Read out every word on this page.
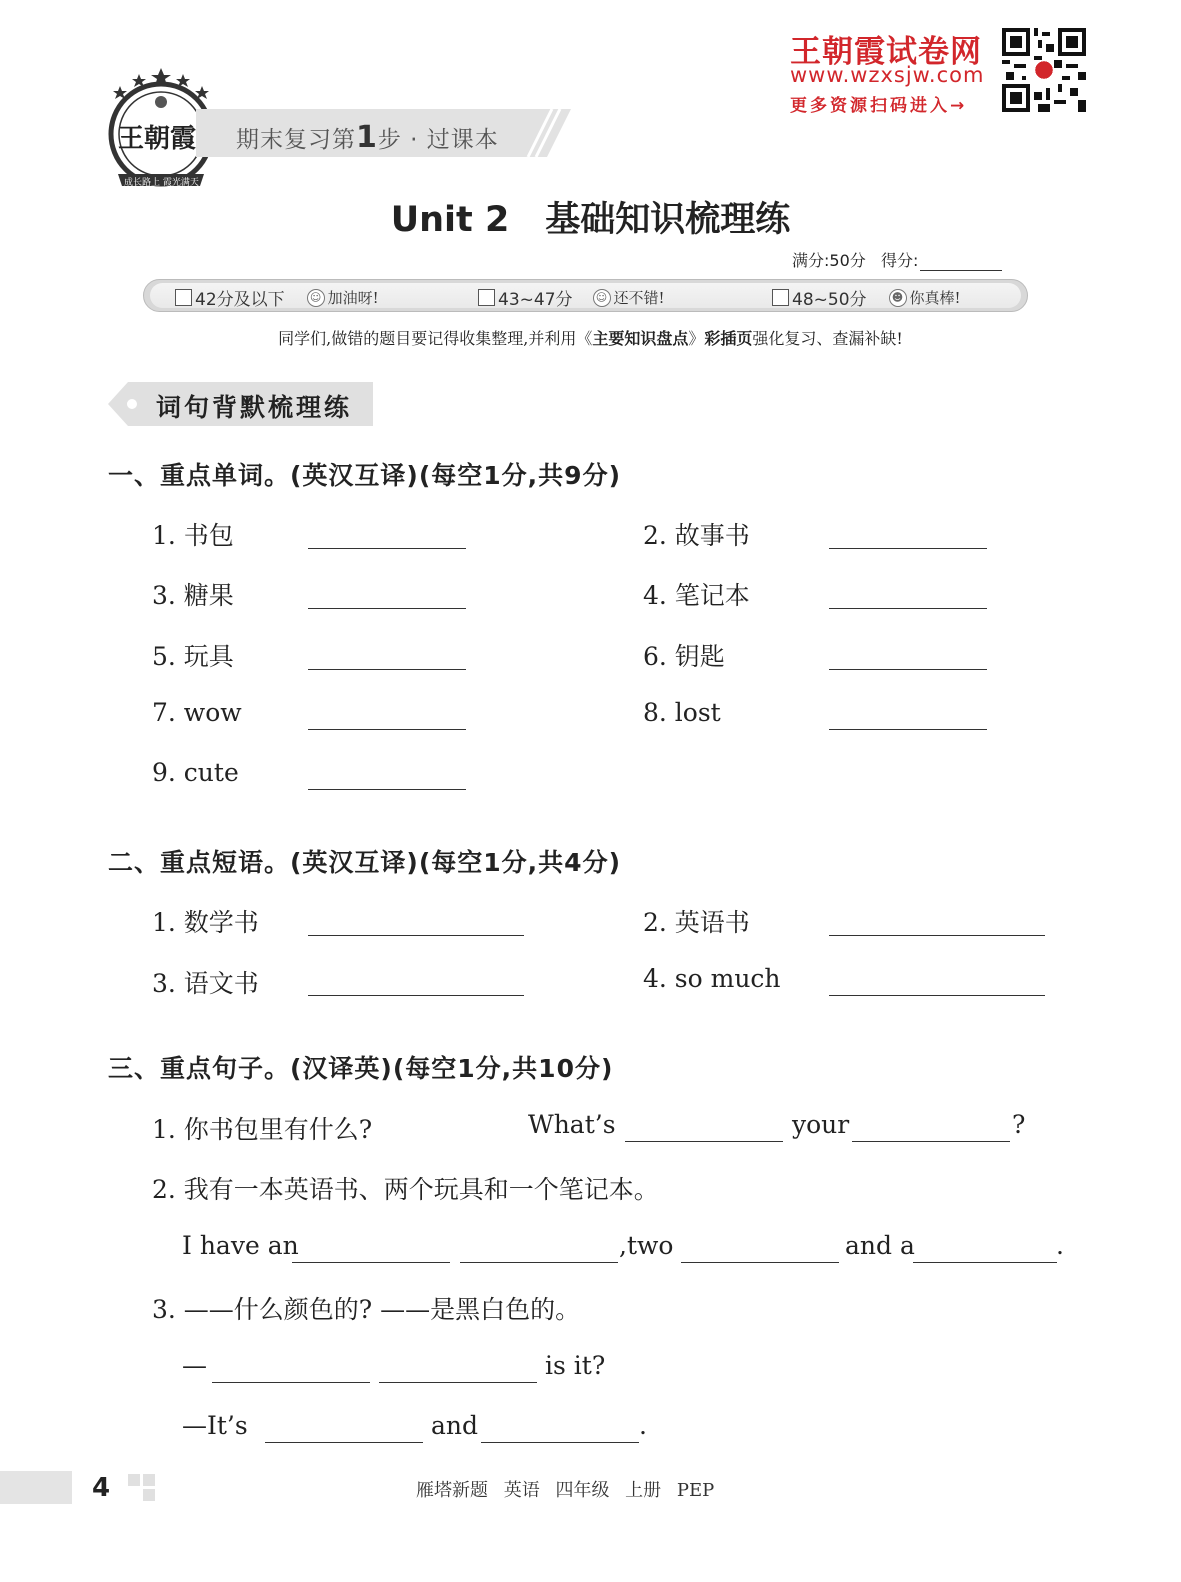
王朝霞
成长路上 霞光满天
期末复习第1步 · 过课本
王朝霞试卷网
www.wzxsjw.com
更多资源扫码进入→
Unit 2 基础知识梳理练
满分:50分 得分:
42分及以下 ☺ 加油呀!	43~47分 ☺ 还不错!	48~50分 ☻ 你真棒!
同学们,做错的题目要记得收集整理,并利用《主要知识盘点》彩插页强化复习、查漏补缺!
词句背默梳理练
一、重点单词。(英汉互译)(每空1分,共9分)
1. 书包	2. 故事书
3. 糖果	4. 笔记本
5. 玩具	6. 钥匙
7. wow	8. lost
9. cute
二、重点短语。(英汉互译)(每空1分,共4分)
1. 数学书	2. 英语书
3. 语文书	4. so much
三、重点句子。(汉译英)(每空1分,共10分)
1. 你书包里有什么?	What’s	your	?
2. 我有一本英语书、两个玩具和一个笔记本。
I have an	,two	and a	.
3. ——什么颜色的? ——是黑白色的。
—	is it?
—It’s	and	.
4	雁塔新题 英语 四年级 上册 PEP
